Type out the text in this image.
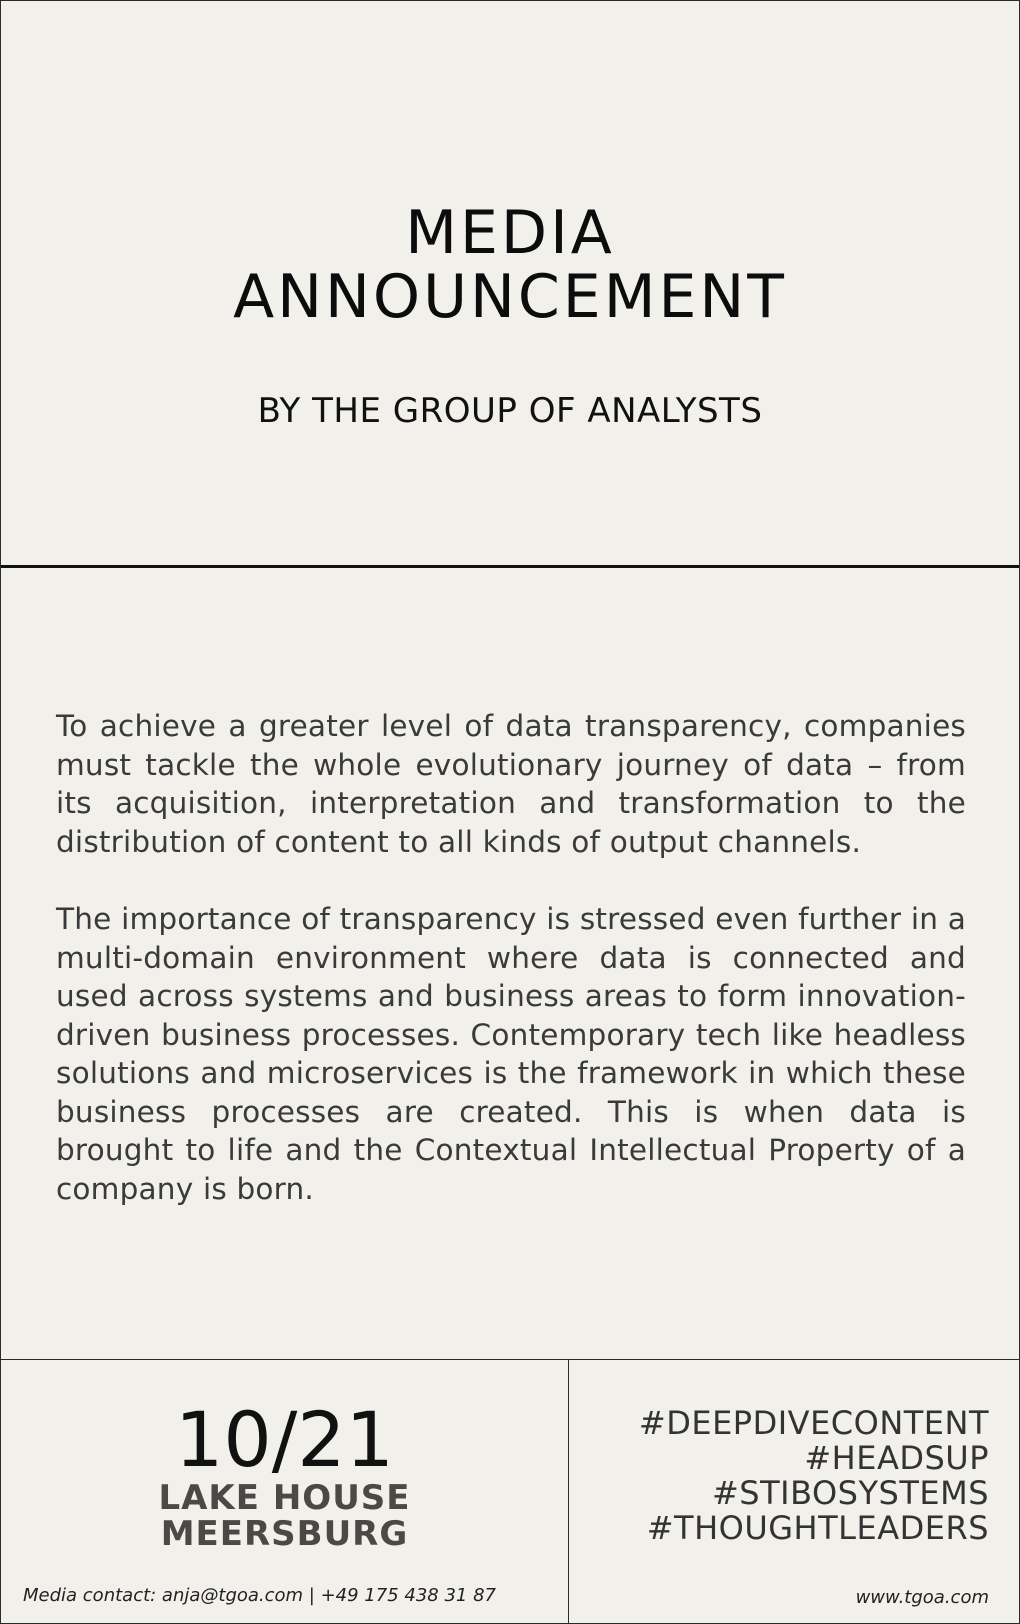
MEDIA
ANNOUNCEMENT
BY THE GROUP OF ANALYSTS

To achieve a greater level of data transparency, companies must tackle the whole evolutionary journey of data – from its acquisition, interpretation and transformation to the distribution of content to all kinds of output channels.

The importance of transparency is stressed even further in a multi-domain environment where data is connected and used across systems and business areas to form innovation-driven business processes. Contemporary tech like headless solutions and microservices is the framework in which these business processes are created. This is when data is brought to life and the Contextual Intellectual Property of a company is born.

10/21
LAKE HOUSE
MEERSBURG
#DEEPDIVECONTENT
#HEADSUP
#STIBOSYSTEMS
#THOUGHTLEADERS
Media contact: anja@tgoa.com | +49 175 438 31 87	www.tgoa.com
